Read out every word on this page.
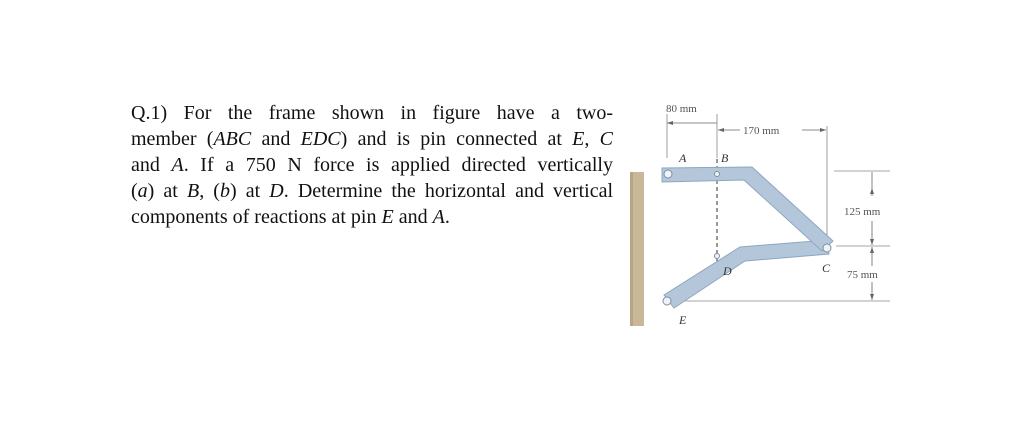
Q.1) For the frame shown in figure have a two-
member (ABC and EDC) and is pin connected at E, C
and A. If a 750 N force is applied directed vertically
(a) at B, (b) at D. Determine the horizontal and vertical
components of reactions at pin E and A.

80 mm
170 mm
125 mm
75 mm
A	B
C
D
E
